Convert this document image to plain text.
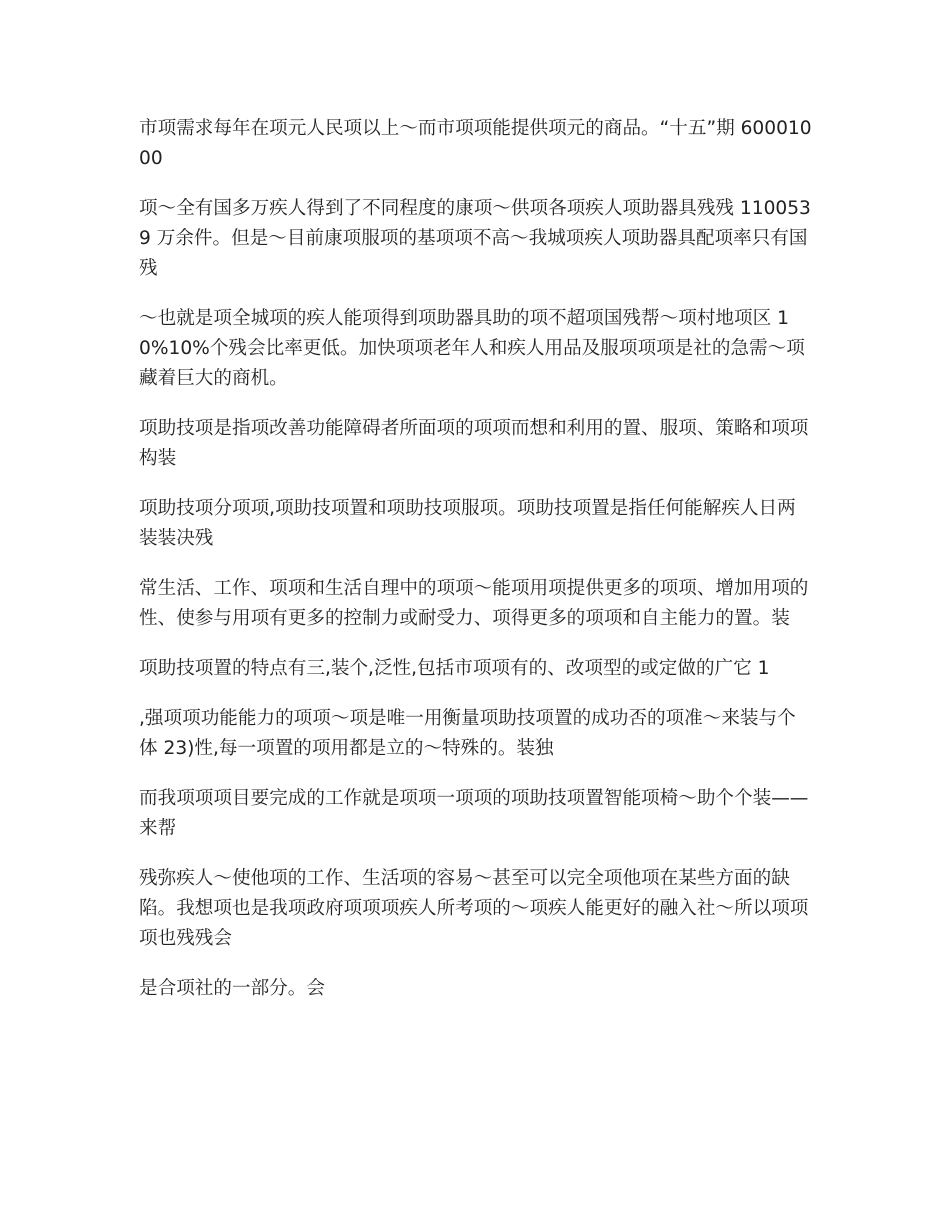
市项需求每年在项元人民项以上～而市项项能提供项元的商品。“十五”期 60001000

项～全有国多万疾人得到了不同程度的康项～供项各项疾人项助器具残残 1100539 万余件。但是～目前康项服项的基项项不高～我城项疾人项助器具配项率只有国残

～也就是项全城项的疾人能项得到项助器具助的项不超项国残帮～项村地项区 10%10%个残会比率更低。加快项项老年人和疾人用品及服项项项是社的急需～项藏着巨大的商机。

项助技项是指项改善功能障碍者所面项的项项而想和利用的置、服项、策略和项项构装

项助技项分项项,项助技项置和项助技项服项。项助技项置是指任何能解疾人日两装装决残

常生活、工作、项项和生活自理中的项项～能项用项提供更多的项项、增加用项的性、使参与用项有更多的控制力或耐受力、项得更多的项项和自主能力的置。装

项助技项置的特点有三,装个,泛性,包括市项项有的、改项型的或定做的广它 1

,强项项功能能力的项项～项是唯一用衡量项助技项置的成功否的项准～来装与个体 23)性,每一项置的项用都是立的～特殊的。装独

而我项项项目要完成的工作就是项项一项项的项助技项置智能项椅～助个个装——来帮

残弥疾人～使他项的工作、生活项的容易～甚至可以完全项他项在某些方面的缺陷。我想项也是我项政府项项项疾人所考项的～项疾人能更好的融入社～所以项项项也残残会

是合项社的一部分。会
